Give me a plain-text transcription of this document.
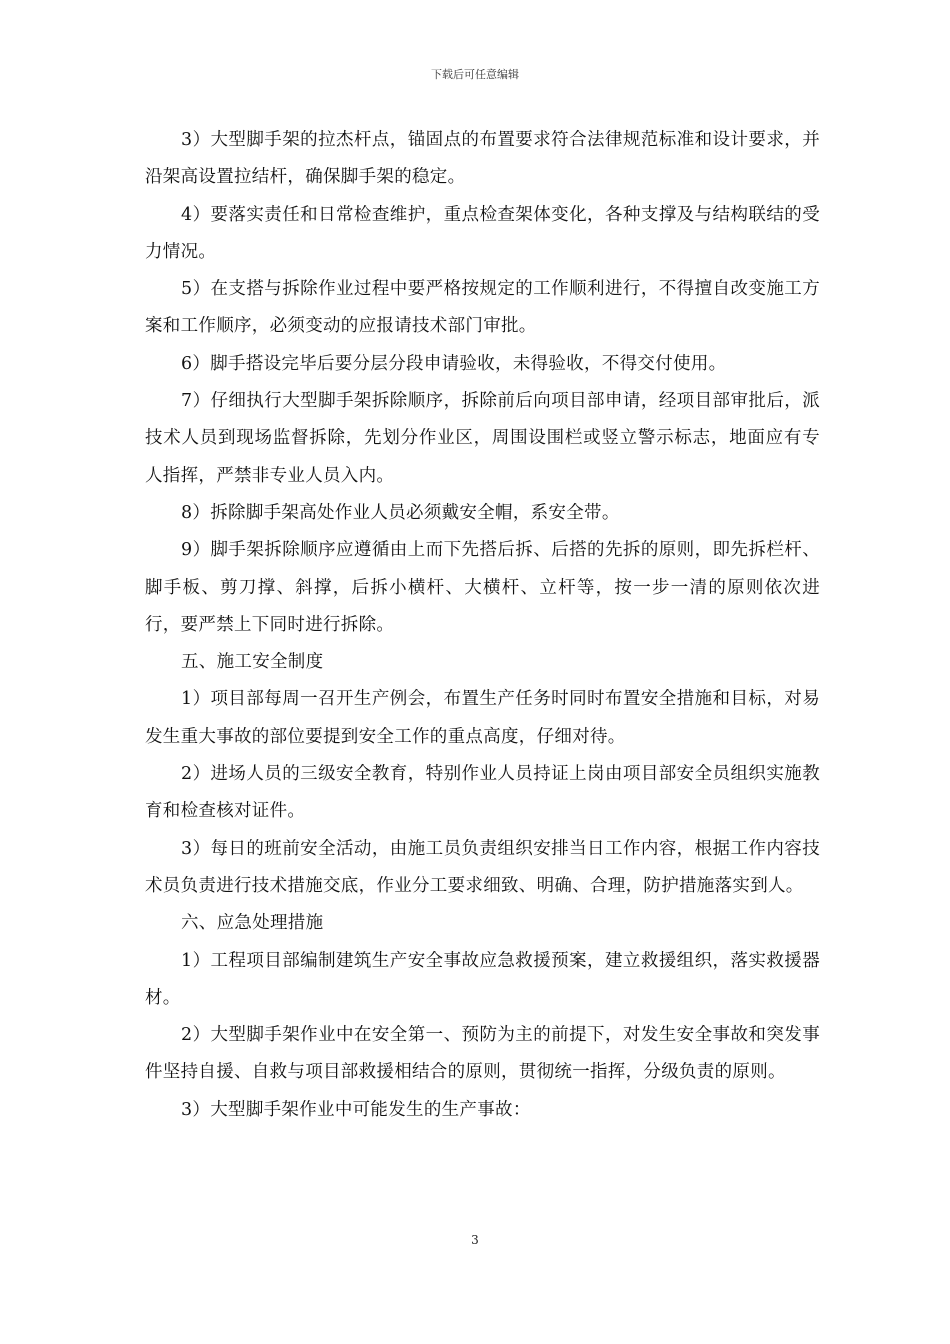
下载后可任意编辑

3）大型脚手架的拉杰杆点，锚固点的布置要求符合法律规范标准和设计要求，并沿架高设置拉结杆，确保脚手架的稳定。

4）要落实责任和日常检查维护，重点检查架体变化，各种支撑及与结构联结的受力情况。

5）在支搭与拆除作业过程中要严格按规定的工作顺利进行，不得擅自改变施工方案和工作顺序，必须变动的应报请技术部门审批。

6）脚手搭设完毕后要分层分段申请验收，未得验收，不得交付使用。

7）仔细执行大型脚手架拆除顺序，拆除前后向项目部申请，经项目部审批后，派技术人员到现场监督拆除，先划分作业区，周围设围栏或竖立警示标志，地面应有专人指挥，严禁非专业人员入内。

8）拆除脚手架高处作业人员必须戴安全帽，系安全带。

9）脚手架拆除顺序应遵循由上而下先搭后拆、后搭的先拆的原则，即先拆栏杆、脚手板、剪刀撑、斜撑，后拆小横杆、大横杆、立杆等，按一步一清的原则依次进行，要严禁上下同时进行拆除。

五、施工安全制度

1）项目部每周一召开生产例会，布置生产任务时同时布置安全措施和目标，对易发生重大事故的部位要提到安全工作的重点高度，仔细对待。

2）进场人员的三级安全教育，特别作业人员持证上岗由项目部安全员组织实施教育和检查核对证件。

3）每日的班前安全活动，由施工员负责组织安排当日工作内容，根据工作内容技术员负责进行技术措施交底，作业分工要求细致、明确、合理，防护措施落实到人。

六、应急处理措施

1）工程项目部编制建筑生产安全事故应急救援预案，建立救援组织，落实救援器材。

2）大型脚手架作业中在安全第一、预防为主的前提下，对发生安全事故和突发事件坚持自援、自救与项目部救援相结合的原则，贯彻统一指挥，分级负责的原则。

3）大型脚手架作业中可能发生的生产事故：

3
